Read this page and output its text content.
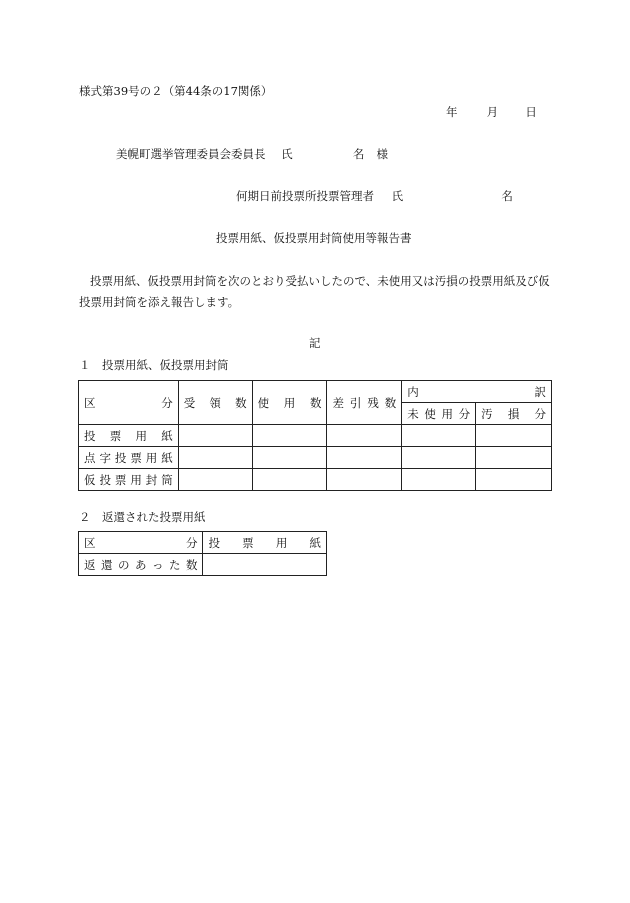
様式第39号の２（第44条の17関係）
年	月 日
美幌町選挙管理委員会委員長 氏	名 様
何期日前投票所投票管理者 氏	名
投票用紙、仮投票用封筒使用等報告書
投票用紙、仮投票用封筒を次のとおり受払いしたので、未使用又は汚損の投票用紙及び仮投票用封筒を添え報告します。
記
１　投票用紙、仮投票用封筒
区分	受領数	使用数	差引残数	内訳	
				未使用分	汚損分
投票用紙					
点字投票用紙					
仮投票用封筒					
２　返還された投票用紙
区分	投票用紙
返還のあった数	
